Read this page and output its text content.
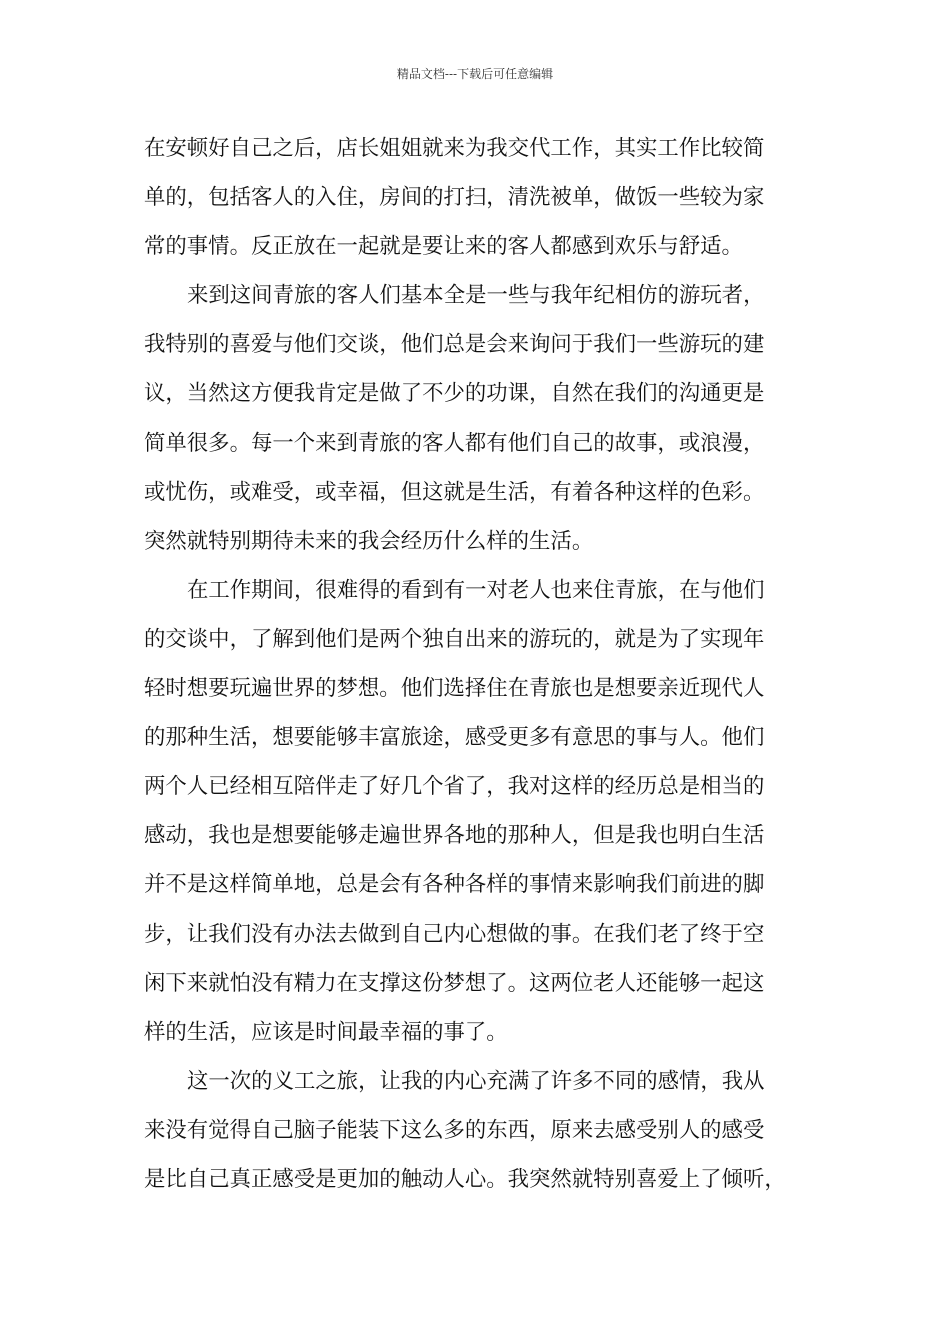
精品文档---下载后可任意编辑
在安顿好自己之后，店长姐姐就来为我交代工作，其实工作比较简
单的，包括客人的入住，房间的打扫，清洗被单，做饭一些较为家
常的事情。反正放在一起就是要让来的客人都感到欢乐与舒适。
来到这间青旅的客人们基本全是一些与我年纪相仿的游玩者，
我特别的喜爱与他们交谈，他们总是会来询问于我们一些游玩的建
议，当然这方便我肯定是做了不少的功课，自然在我们的沟通更是
简单很多。每一个来到青旅的客人都有他们自己的故事，或浪漫，
或忧伤，或难受，或幸福，但这就是生活，有着各种这样的色彩。
突然就特别期待未来的我会经历什么样的生活。
在工作期间，很难得的看到有一对老人也来住青旅，在与他们
的交谈中，了解到他们是两个独自出来的游玩的，就是为了实现年
轻时想要玩遍世界的梦想。他们选择住在青旅也是想要亲近现代人
的那种生活，想要能够丰富旅途，感受更多有意思的事与人。他们
两个人已经相互陪伴走了好几个省了，我对这样的经历总是相当的
感动，我也是想要能够走遍世界各地的那种人，但是我也明白生活
并不是这样简单地，总是会有各种各样的事情来影响我们前进的脚
步，让我们没有办法去做到自己内心想做的事。在我们老了终于空
闲下来就怕没有精力在支撑这份梦想了。这两位老人还能够一起这
样的生活，应该是时间最幸福的事了。
这一次的义工之旅，让我的内心充满了许多不同的感情，我从
来没有觉得自己脑子能装下这么多的东西，原来去感受别人的感受
是比自己真正感受是更加的触动人心。我突然就特别喜爱上了倾听，
